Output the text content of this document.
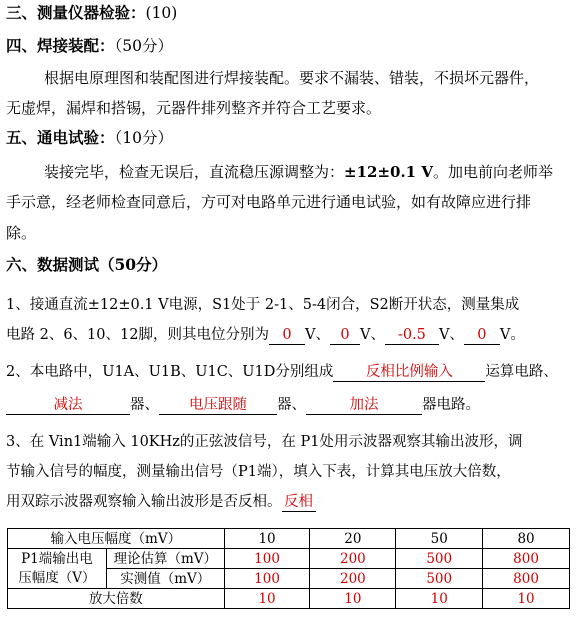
三、测量仪器检验：(10)
四、焊接装配：（50分）
根据电原理图和装配图进行焊接装配。要求不漏装、错装，不损坏元器件，
无虚焊，漏焊和搭锡，元器件排列整齐并符合工艺要求。
五、通电试验：（10分）
装接完毕，检查无误后，直流稳压源调整为：±12±0.1 V。加电前向老师举
手示意，经老师检查同意后，方可对电路单元进行通电试验，如有故障应进行排
除。
六、数据测试（50分）
1、接通直流±12±0.1 V电源，S1处于 2-1、5-4闭合，S2断开状态，测量集成
电路 2、6、10、12脚，则其电位分别为 0 V、 0 V、 -0.5 V、 0 V。
2、本电路中，U1A、U1B、U1C、U1D分别组成 反相比例输入 运算电路、
减法	器、 电压跟随 器、	加法	器电路。
3、在 Vin1端输入 10KHz的正弦波信号，在 P1处用示波器观察其输出波形，调
节输入信号的幅度，测量输出信号（P1端），填入下表，计算其电压放大倍数，
用双踪示波器观察输入输出波形是否反相。 反相
输入电压幅度（mV）		10	20	50	80
P1端输出电
压幅度（V）	理论估算（mV）	100	200	500	800
	实测值（mV）	100	200	500	800
放大倍数		10	10	10	10
